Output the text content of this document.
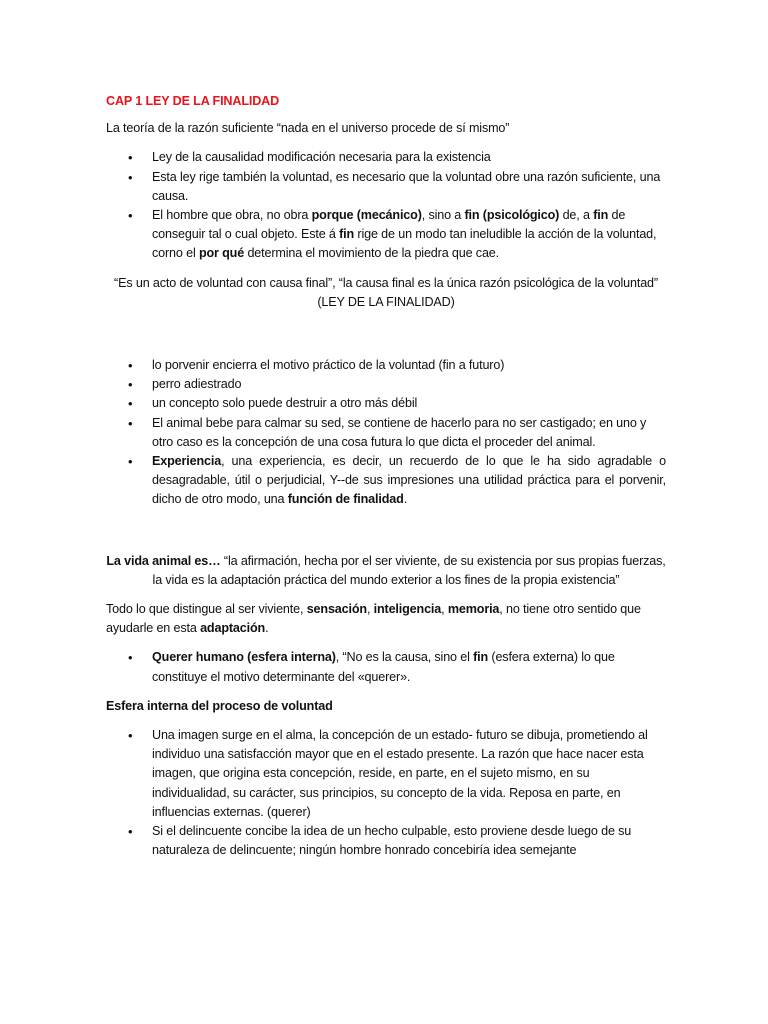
CAP 1 LEY DE LA FINALIDAD

La teoría de la razón suficiente “nada en el universo procede de sí mismo”

• Ley de la causalidad modificación necesaria para la existencia
• Esta ley rige también la voluntad, es necesario que la voluntad obre una razón suficiente, una causa.
• El hombre que obra, no obra porque (mecánico), sino a fin (psicológico) de, a fin de conseguir tal o cual objeto. Este á fin rige de un modo tan ineludible la acción de la voluntad, corno el por qué determina el movimiento de la piedra que cae.

“Es un acto de voluntad con causa final”, “la causa final es la única razón psicológica de la voluntad” (LEY DE LA FINALIDAD)

• lo porvenir encierra el motivo práctico de la voluntad (fin a futuro)
• perro adiestrado
• un concepto solo puede destruir a otro más débil
• El animal bebe para calmar su sed, se contiene de hacerlo para no ser castigado; en uno y otro caso es la concepción de una cosa futura lo que dicta el proceder del animal.
• Experiencia, una experiencia, es decir, un recuerdo de lo que le ha sido agradable o desagradable, útil o perjudicial, Y--de sus impresiones una utilidad práctica para el porvenir, dicho de otro modo, una función de finalidad.

La vida animal es… “la afirmación, hecha por el ser viviente, de su existencia por sus propias fuerzas, la vida es la adaptación práctica del mundo exterior a los fines de la propia existencia”

Todo lo que distingue al ser viviente, sensación, inteligencia, memoria, no tiene otro sentido que ayudarle en esta adaptación.

• Querer humano (esfera interna), “No es la causa, sino el fin (esfera externa) lo que constituye el motivo determinante del «querer».

Esfera interna del proceso de voluntad

• Una imagen surge en el alma, la concepción de un estado- futuro se dibuja, prometiendo al individuo una satisfacción mayor que en el estado presente. La razón que hace nacer esta imagen, que origina esta concepción, reside, en parte, en el sujeto mismo, en su individualidad, su carácter, sus principios, su concepto de la vida. Reposa en parte, en influencias externas. (querer)
• Si el delincuente concibe la idea de un hecho culpable, esto proviene desde luego de su naturaleza de delincuente; ningún hombre honrado concebiría idea semejante
